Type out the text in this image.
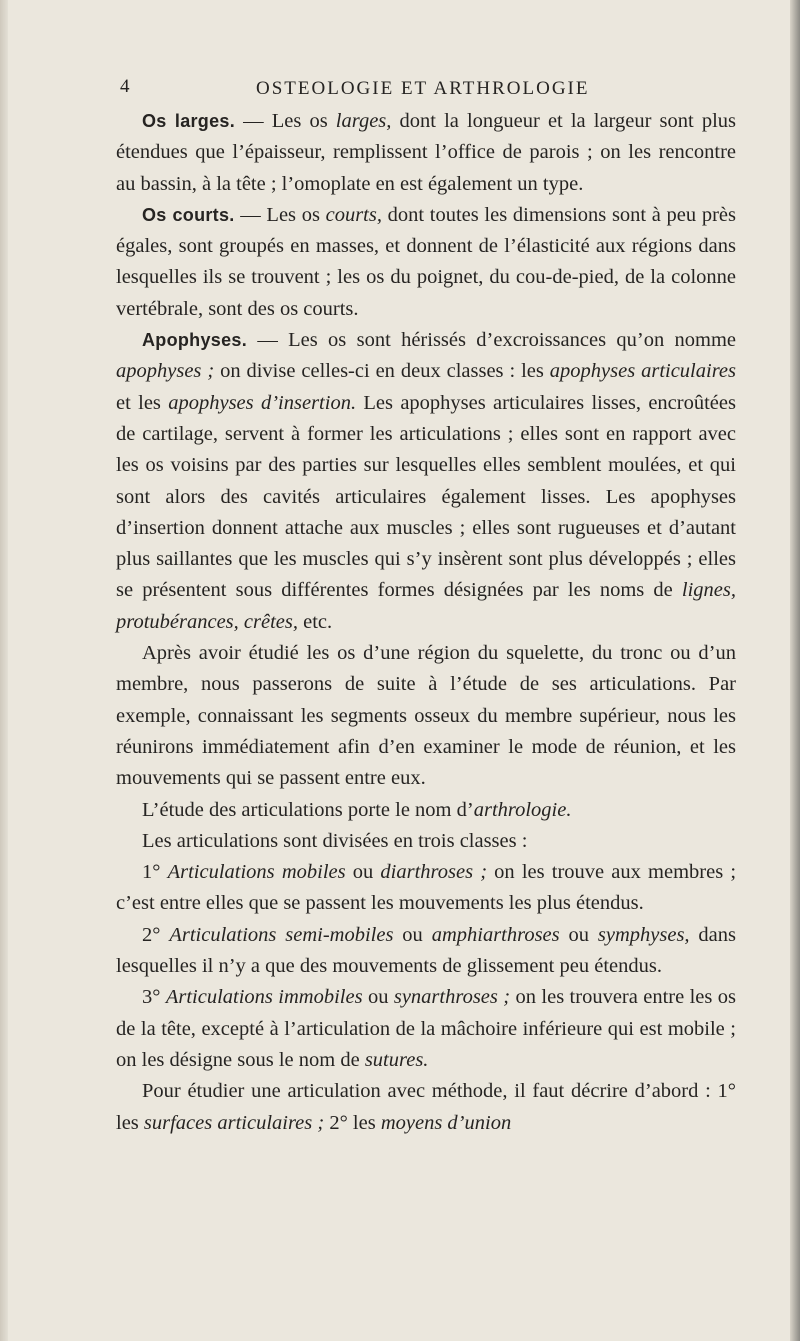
4	OSTEOLOGIE ET ARTHROLOGIE

Os larges. — Les os larges, dont la longueur et la largeur sont plus étendues que l’épaisseur, remplissent l’office de parois ; on les rencontre au bassin, à la tête ; l’omoplate en est également un type.

Os courts. — Les os courts, dont toutes les dimensions sont à peu près égales, sont groupés en masses, et donnent de l’élasticité aux régions dans lesquelles ils se trouvent ; les os du poignet, du cou-de-pied, de la colonne vertébrale, sont des os courts.

Apophyses. — Les os sont hérissés d’excroissances qu’on nomme apophyses ; on divise celles-ci en deux classes : les apophyses articulaires et les apophyses d’insertion. Les apophyses articulaires lisses, encroûtées de cartilage, servent à former les articulations ; elles sont en rapport avec les os voisins par des parties sur lesquelles elles semblent moulées, et qui sont alors des cavités articulaires également lisses. Les apophyses d’insertion donnent attache aux muscles ; elles sont rugueuses et d’autant plus saillantes que les muscles qui s’y insèrent sont plus développés ; elles se présentent sous différentes formes désignées par les noms de lignes, protubérances, crêtes, etc.

Après avoir étudié les os d’une région du squelette, du tronc ou d’un membre, nous passerons de suite à l’étude de ses articulations. Par exemple, connaissant les segments osseux du membre supérieur, nous les réunirons immédiatement afin d’en examiner le mode de réunion, et les mouvements qui se passent entre eux.

L’étude des articulations porte le nom d’arthrologie.

Les articulations sont divisées en trois classes :

1° Articulations mobiles ou diarthroses ; on les trouve aux membres ; c’est entre elles que se passent les mouvements les plus étendus.

2° Articulations semi-mobiles ou amphiarthroses ou symphyses, dans lesquelles il n’y a que des mouvements de glissement peu étendus.

3° Articulations immobiles ou synarthroses ; on les trouvera entre les os de la tête, excepté à l’articulation de la mâchoire inférieure qui est mobile ; on les désigne sous le nom de sutures.

Pour étudier une articulation avec méthode, il faut décrire d’abord : 1° les surfaces articulaires ; 2° les moyens d’union
